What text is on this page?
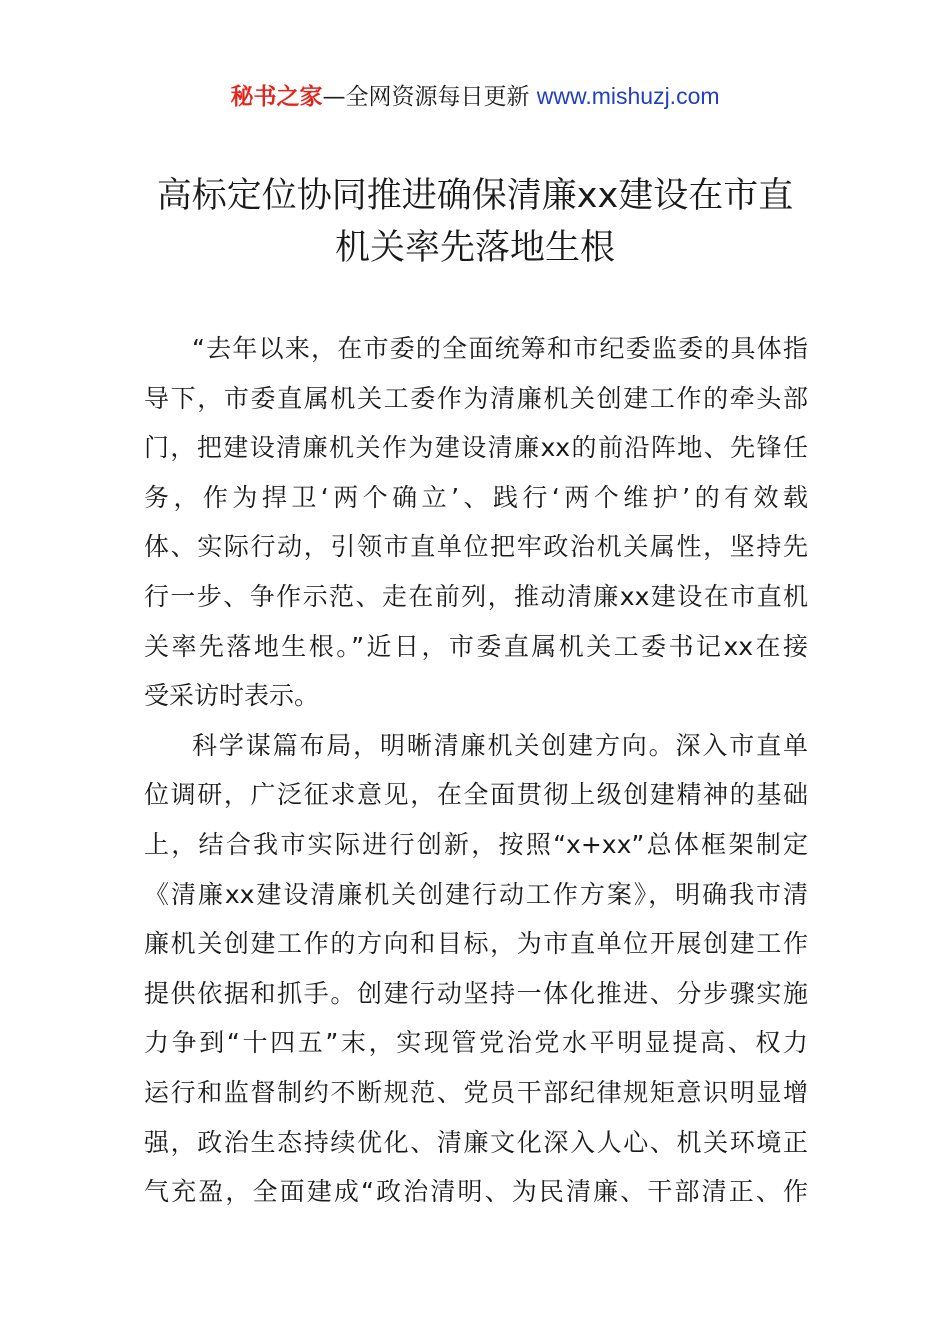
秘书之家—全网资源每日更新 www.mishuzj.com
高标定位协同推进确保清廉xx建设在市直
机关率先落地生根
“去年以来，在市委的全面统筹和市纪委监委的具体指
导下，市委直属机关工委作为清廉机关创建工作的牵头部
门，把建设清廉机关作为建设清廉xx的前沿阵地、先锋任
务，作为捍卫‘两个确立’、践行‘两个维护’的有效载
体、实际行动，引领市直单位把牢政治机关属性，坚持先
行一步、争作示范、走在前列，推动清廉xx建设在市直机
关率先落地生根。”近日，市委直属机关工委书记xx在接
受采访时表示。
科学谋篇布局，明晰清廉机关创建方向。深入市直单
位调研，广泛征求意见，在全面贯彻上级创建精神的基础
上，结合我市实际进行创新，按照“x+xx”总体框架制定
《清廉xx建设清廉机关创建行动工作方案》，明确我市清
廉机关创建工作的方向和目标，为市直单位开展创建工作
提供依据和抓手。创建行动坚持一体化推进、分步骤实施
力争到“十四五”末，实现管党治党水平明显提高、权力
运行和监督制约不断规范、党员干部纪律规矩意识明显增
强，政治生态持续优化、清廉文化深入人心、机关环境正
气充盈，全面建成“政治清明、为民清廉、干部清正、作
